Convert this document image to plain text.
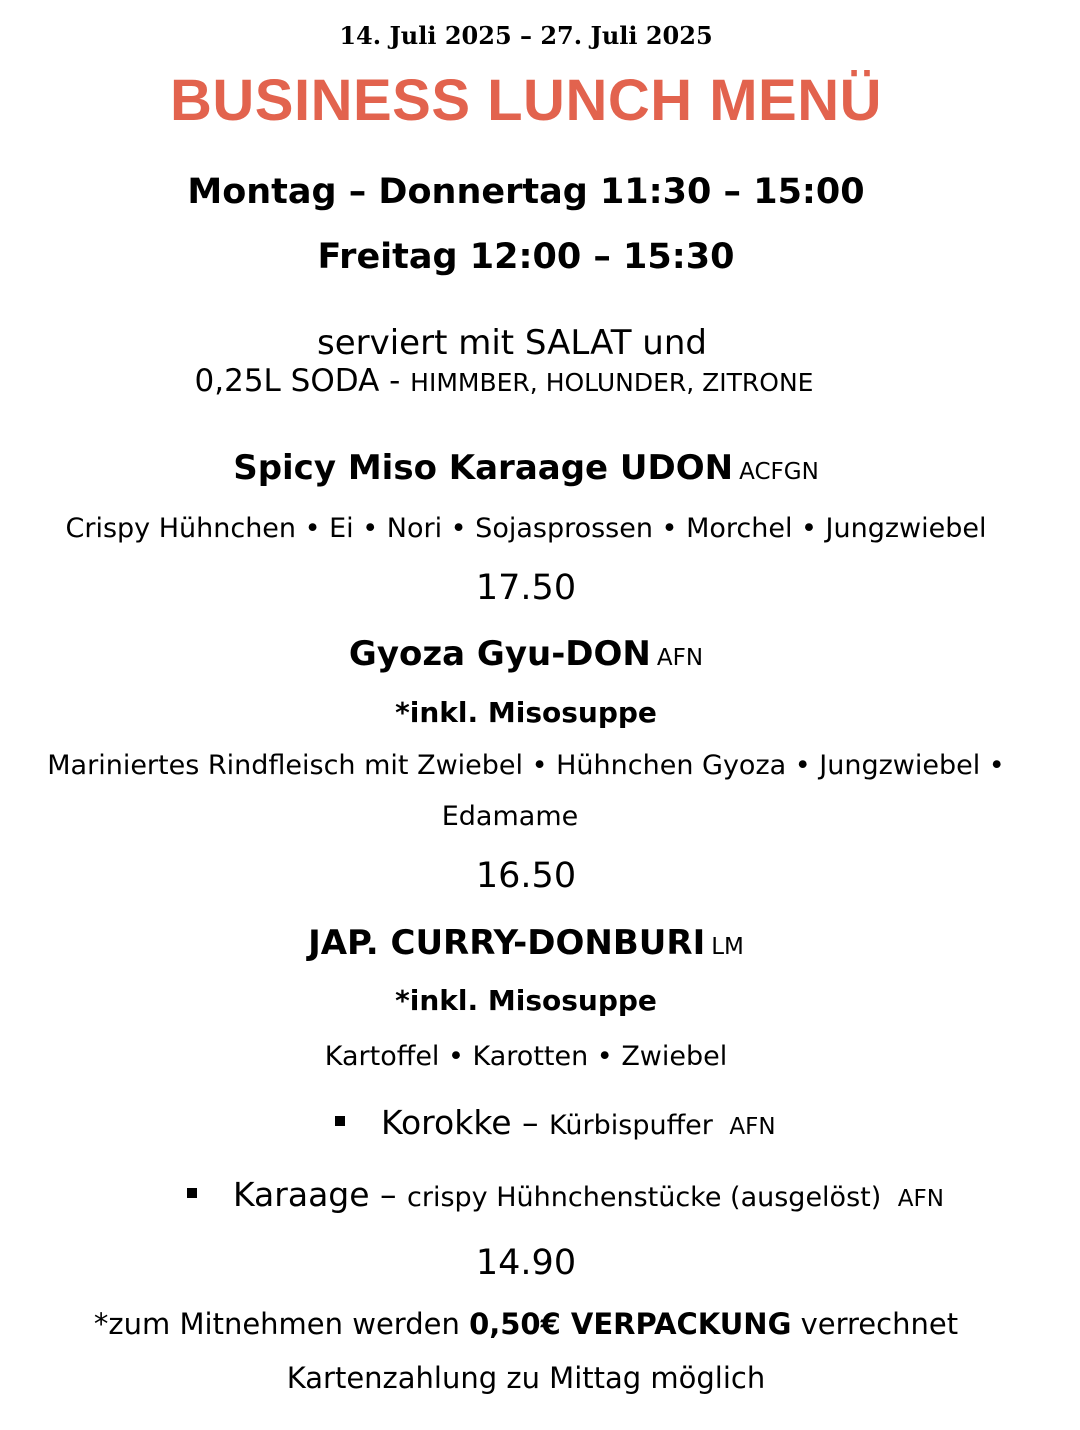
14. Juli 2025 – 27. Juli 2025
BUSINESS LUNCH MENÜ
Montag – Donnertag 11:30 – 15:00
Freitag 12:00 – 15:30
serviert mit SALAT und
0,25L SODA - HIMMBER, HOLUNDER, ZITRONE
Spicy Miso Karaage UDON ACFGN
Crispy Hühnchen • Ei • Nori • Sojasprossen • Morchel • Jungzwiebel
17.50
Gyoza Gyu-DON AFN
*inkl. Misosuppe
Mariniertes Rindfleisch mit Zwiebel • Hühnchen Gyoza • Jungzwiebel •
Edamame
16.50
JAP. CURRY-DONBURI LM
*inkl. Misosuppe
Kartoffel • Karotten • Zwiebel
Korokke – Kürbispuffer AFN
Karaage – crispy Hühnchenstücke (ausgelöst) AFN
14.90
*zum Mitnehmen werden 0,50€ VERPACKUNG verrechnet
Kartenzahlung zu Mittag möglich
